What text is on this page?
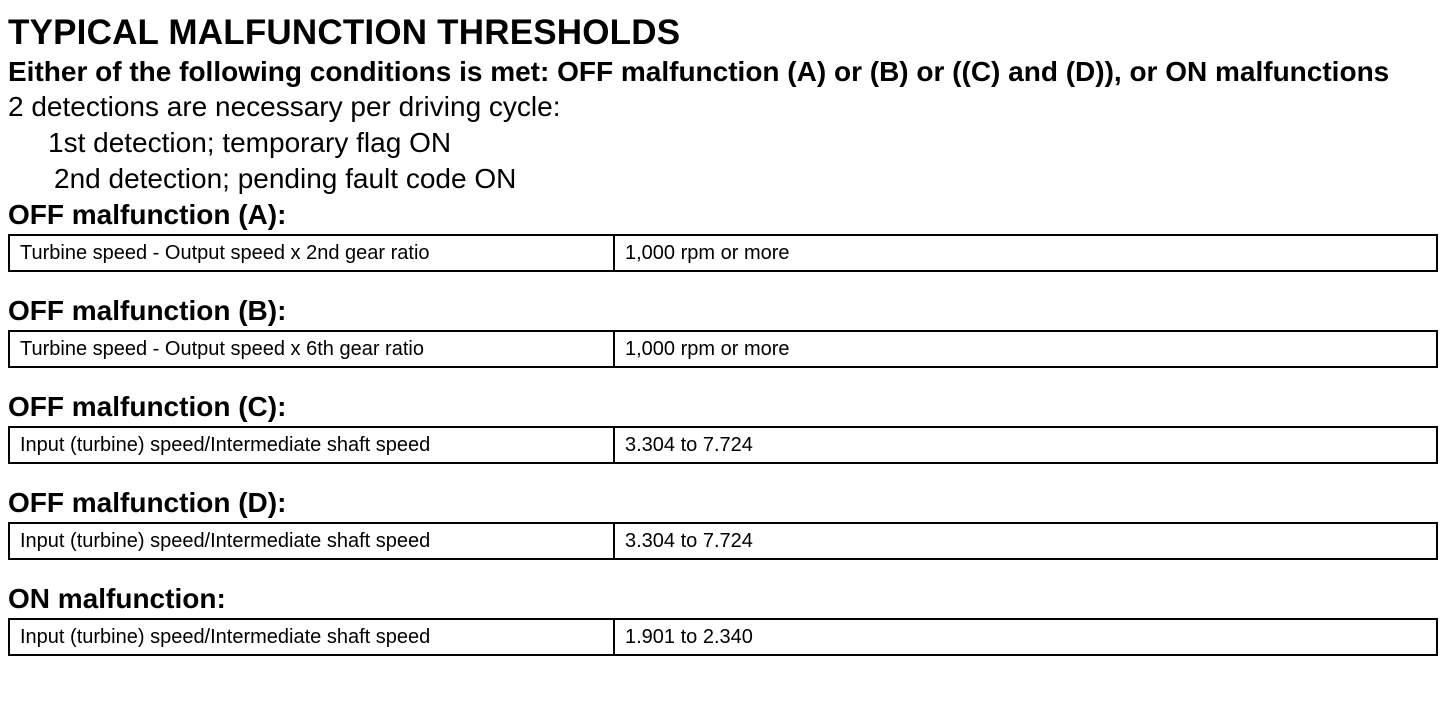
TYPICAL MALFUNCTION THRESHOLDS

Either of the following conditions is met: OFF malfunction (A) or (B) or ((C) and (D)), or ON malfunctions

2 detections are necessary per driving cycle:

1st detection; temporary flag ON

2nd detection; pending fault code ON

OFF malfunction (A):
Turbine speed - Output speed x 2nd gear ratio	1,000 rpm or more
OFF malfunction (B):
Turbine speed - Output speed x 6th gear ratio	1,000 rpm or more
OFF malfunction (C):
Input (turbine) speed/Intermediate shaft speed	3.304 to 7.724
OFF malfunction (D):
Input (turbine) speed/Intermediate shaft speed	3.304 to 7.724
ON malfunction:
Input (turbine) speed/Intermediate shaft speed	1.901 to 2.340
